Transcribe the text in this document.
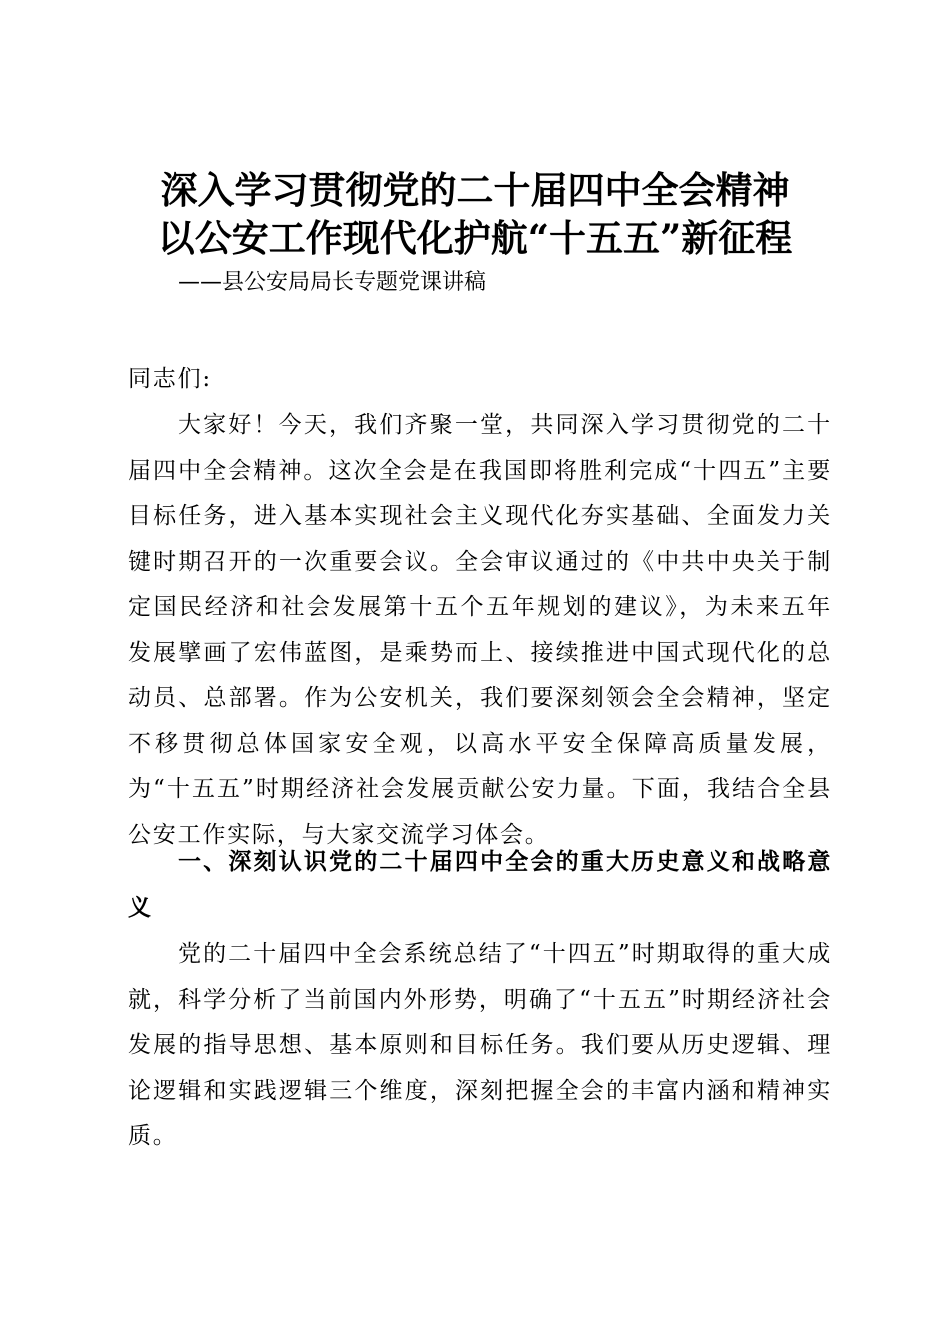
深入学习贯彻党的二十届四中全会精神
以公安工作现代化护航“十五五”新征程
——县公安局局长专题党课讲稿

同志们:

大家好！今天，我们齐聚一堂，共同深入学习贯彻党的二十届四中全会精神。这次全会是在我国即将胜利完成“十四五”主要目标任务，进入基本实现社会主义现代化夯实基础、全面发力关键时期召开的一次重要会议。全会审议通过的《中共中央关于制定国民经济和社会发展第十五个五年规划的建议》，为未来五年发展擘画了宏伟蓝图，是乘势而上、接续推进中国式现代化的总动员、总部署。作为公安机关，我们要深刻领会全会精神，坚定不移贯彻总体国家安全观，以高水平安全保障高质量发展，为“十五五”时期经济社会发展贡献公安力量。下面，我结合全县公安工作实际，与大家交流学习体会。

一、深刻认识党的二十届四中全会的重大历史意义和战略意义

党的二十届四中全会系统总结了“十四五”时期取得的重大成就，科学分析了当前国内外形势，明确了“十五五”时期经济社会发展的指导思想、基本原则和目标任务。我们要从历史逻辑、理论逻辑和实践逻辑三个维度，深刻把握全会的丰富内涵和精神实质。
